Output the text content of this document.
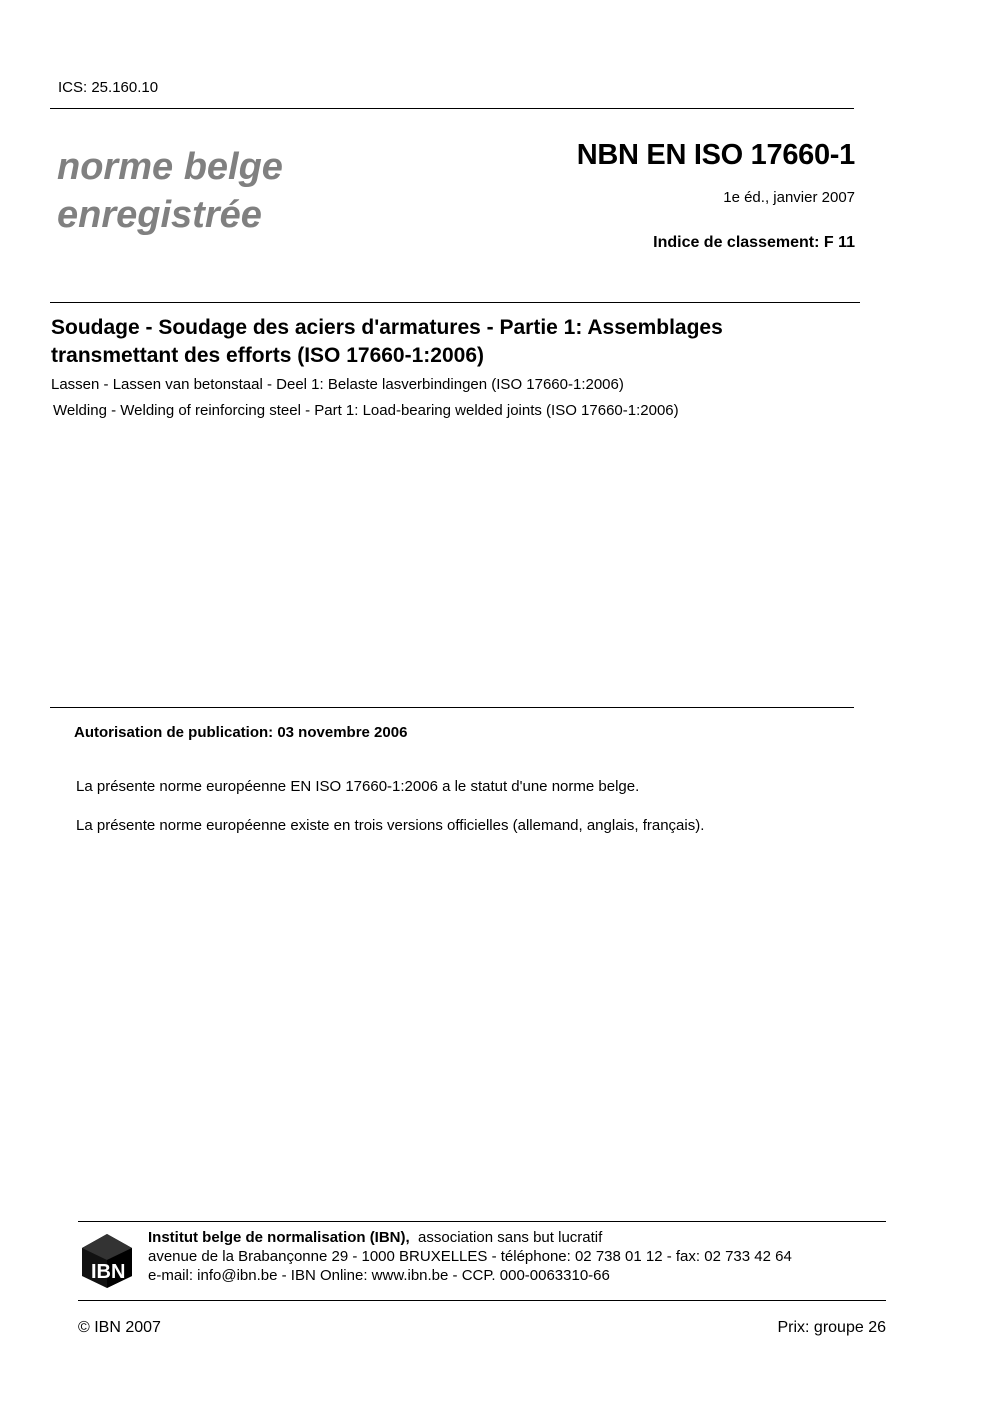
ICS: 25.160.10
norme belge
enregistrée
NBN EN ISO 17660-1
1e éd., janvier 2007
Indice de classement: F 11
Soudage - Soudage des aciers d'armatures - Partie 1: Assemblages
transmettant des efforts (ISO 17660-1:2006)
Lassen - Lassen van betonstaal - Deel 1: Belaste lasverbindingen (ISO 17660-1:2006)
Welding - Welding of reinforcing steel - Part 1: Load-bearing welded joints (ISO 17660-1:2006)
Autorisation de publication: 03 novembre 2006
La présente norme européenne EN ISO 17660-1:2006 a le statut d'une norme belge.
La présente norme européenne existe en trois versions officielles (allemand, anglais, français).
IBN
Institut belge de normalisation (IBN), association sans but lucratif
avenue de la Brabançonne 29 - 1000 BRUXELLES - téléphone: 02 738 01 12 - fax: 02 733 42 64
e-mail: info@ibn.be - IBN Online: www.ibn.be - CCP. 000-0063310-66
© IBN 2007	Prix: groupe 26
